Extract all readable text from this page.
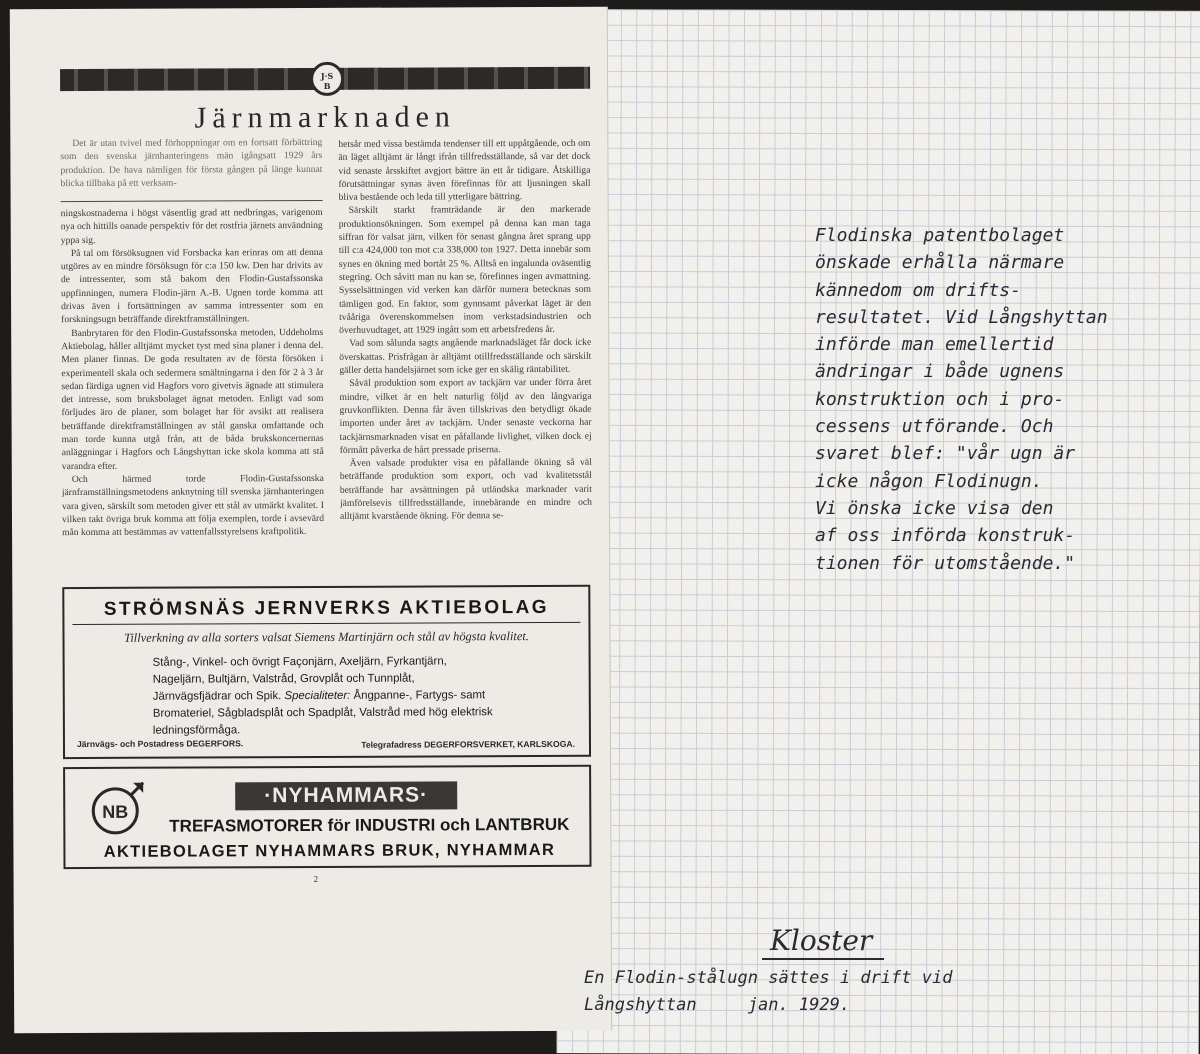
J·S
B
Järnmarknaden
Det är utan tvivel med förhoppningar om en fortsatt förbättring som den svenska järnhanteringens män igångsatt 1929 års produktion. De hava nämligen för första gången på länge kunnat blicka tillbaka på ett verksam-

ningskostnaderna i högst väsentlig grad att nedbringas, varigenom nya och hittills oanade perspektiv för det rostfria järnets användning yppa sig.

På tal om försöksugnen vid Forsbacka kan erinras om att denna utgöres av en mindre försöksugn för c:a 150 kw. Den har drivits av de intressenter, som stå bakom den Flodin-Gustafssonska uppfinningen, numera Flodin-järn A.-B. Ugnen torde komma att drivas även i fortsättningen av samma intressenter som en forskningsugn beträffande direktframställningen.

Banbrytaren för den Flodin-Gustafssonska metoden, Uddeholms Aktiebolag, håller alltjämt mycket tyst med sina planer i denna del. Men planer finnas. De goda resultaten av de första försöken i experimentell skala och sedermera smältningarna i den för 2 à 3 år sedan färdiga ugnen vid Hagfors voro givetvis ägnade att stimulera det intresse, som bruksbolaget ägnat metoden. Enligt vad som förljudes äro de planer, som bolaget har för avsikt att realisera beträffande direktframställningen av stål ganska omfattande och man torde kunna utgå från, att de båda brukskoncernernas anläggningar i Hagfors och Långshyttan icke skola komma att stå varandra efter.

Och härmed torde Flodin-Gustafssonska järnframställningsmetodens anknytning till svenska järnhanteringen vara given, särskilt som metoden giver ett stål av utmärkt kvalitet. I vilken takt övriga bruk komma att följa exemplen, torde i avsevärd mån komma att bestämmas av vattenfallsstyrelsens kraftpolitik.

hetsår med vissa bestämda tendenser till ett uppåtgående, och om än läget alltjämt är långt ifrån tillfredsställande, så var det dock vid senaste årsskiftet avgjort bättre än ett år tidigare. Åtskilliga förutsättningar synas även förefinnas för att ljusningen skall bliva bestående och leda till ytterligare bättring.

Särskilt starkt framträdande är den markerade produktionsökningen. Som exempel på denna kan man taga siffran för valsat järn, vilken för senast gångna året sprang upp till c:a 424,000 ton mot c:a 338,000 ton 1927. Detta innebär som synes en ökning med bortåt 25 %. Alltså en ingalunda oväsentlig stegring. Och såvitt man nu kan se, förefinnes ingen avmattning. Sysselsättningen vid verken kan därför numera betecknas som tämligen god. En faktor, som gynnsamt påverkat läget är den tvååriga överenskommelsen inom verkstadsindustrien och överhuvudtaget, att 1929 ingått som ett arbetsfredens år.

Vad som sålunda sagts angående marknadsläget får dock icke överskattas. Prisfrågan är alltjämt otillfredsställande och särskilt gäller detta handelsjärnet som icke ger en skälig räntabilitet.

Såväl produktion som export av tackjärn var under förra året mindre, vilket är en helt naturlig följd av den långvariga gruvkonflikten. Denna får även tillskrivas den betydligt ökade importen under året av tackjärn. Under senaste veckorna har tackjärnsmarknaden visat en påfallande livlighet, vilken dock ej förmått påverka de hårt pressade priserna.

Även valsade produkter visa en påfallande ökning så väl beträffande produktion som export, och vad kvalitetsstål beträffande har avsättningen på utländska marknader varit jämförelsevis tillfredsställande, innebärande en mindre och alltjämt kvarstående ökning. För denna se-

STRÖMSNÄS JERNVERKS AKTIEBOLAG
Tillverkning av alla sorters valsat Siemens Martinjärn och stål av högsta kvalitet.
Stång-, Vinkel- och övrigt Façonjärn, Axeljärn, Fyrkantjärn, Nageljärn, Bultjärn, Valstråd, Grovplåt och Tunnplåt, Järnvägsfjädrar och Spik. Specialiteter: Ångpanne-, Fartygs- samt Bromateriel, Sågbladsplåt och Spadplåt, Valstråd med hög elektrisk ledningsförmåga.
Järnvägs- och Postadress DEGERFORS.	Telegrafadress DEGERFORSVERKET, KARLSKOGA.
NB
·NYHAMMARS·
TREFASMOTORER för INDUSTRI och LANTBRUK
AKTIEBOLAGET NYHAMMARS BRUK, NYHAMMAR
2
Flodinska patentbolaget
önskade erhålla närmare
kännedom om drifts-
resultatet. Vid Långshyttan
införde man emellertid
ändringar i både ugnens
konstruktion och i pro-
cessens utförande. Och
svaret blef: "vår ugn är
icke någon Flodinugn.
Vi önska icke visa den
af oss införda konstruk-
tionen för utomstående."
Kloster
En Flodin-stålugn sättes i drift vid
Långshyttan     jan. 1929.
